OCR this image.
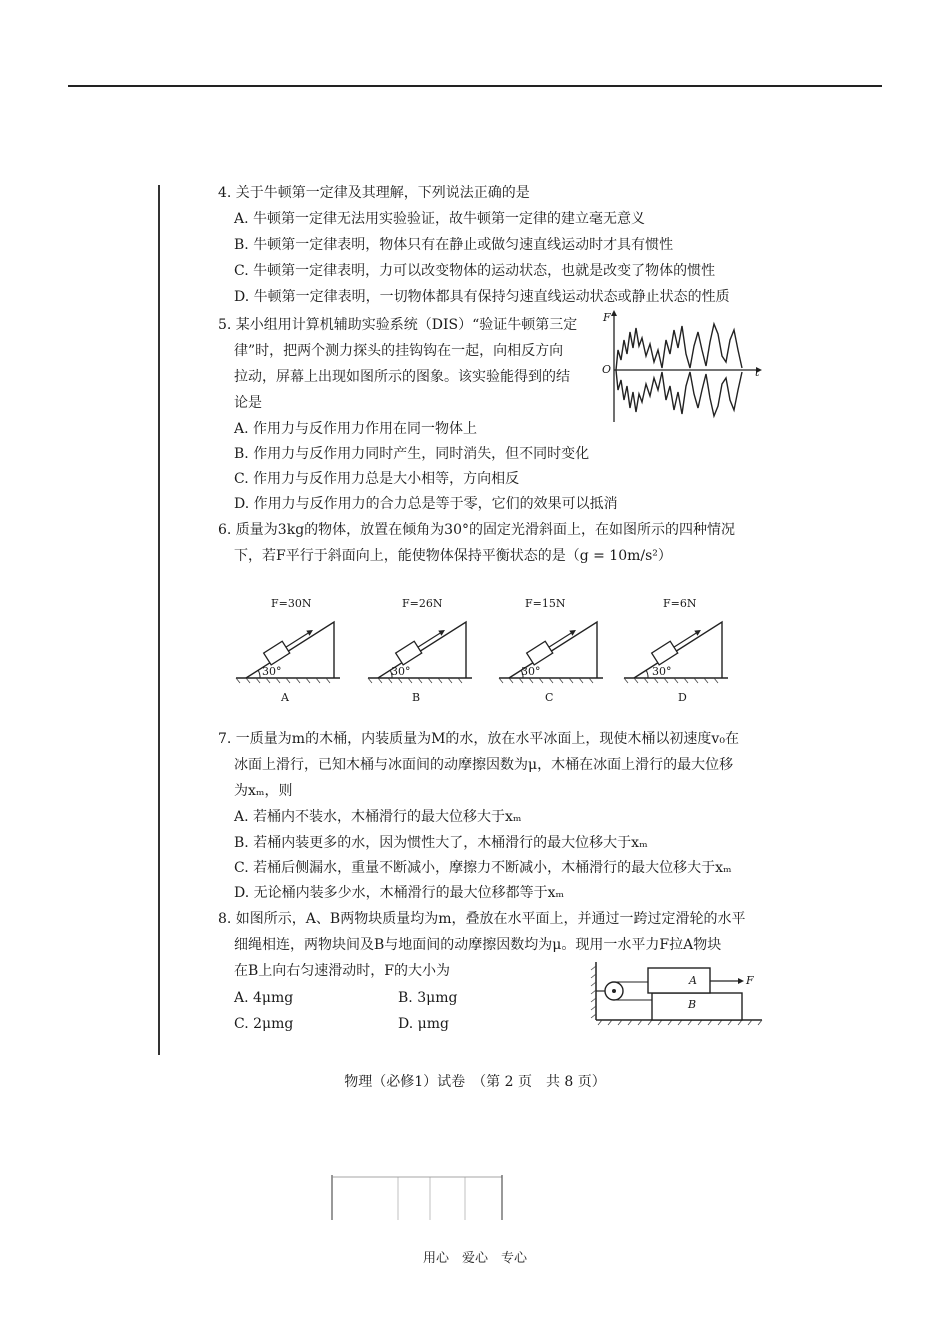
4. 关于牛顿第一定律及其理解，下列说法正确的是
A. 牛顿第一定律无法用实验验证，故牛顿第一定律的建立毫无意义
B. 牛顿第一定律表明，物体只有在静止或做匀速直线运动时才具有惯性
C. 牛顿第一定律表明，力可以改变物体的运动状态，也就是改变了物体的惯性
D. 牛顿第一定律表明，一切物体都具有保持匀速直线运动状态或静止状态的性质
5. 某小组用计算机辅助实验系统（DIS）“验证牛顿第三定
律”时，把两个测力探头的挂钩钩在一起，向相反方向
拉动，屏幕上出现如图所示的图象。该实验能得到的结
论是
A. 作用力与反作用力作用在同一物体上
B. 作用力与反作用力同时产生，同时消失，但不同时变化
C. 作用力与反作用力总是大小相等，方向相反
D. 作用力与反作用力的合力总是等于零，它们的效果可以抵消
F
t
O
6. 质量为3kg的物体，放置在倾角为30°的固定光滑斜面上，在如图所示的四种情况
下，若F平行于斜面向上，能使物体保持平衡状态的是（g = 10m/s²）
F=30N
30°
A
F=26N
30°
B
F=15N
30°
C
F=6N
30°
D
7. 一质量为m的木桶，内装质量为M的水，放在水平冰面上，现使木桶以初速度v₀在
冰面上滑行，已知木桶与冰面间的动摩擦因数为μ，木桶在冰面上滑行的最大位移
为xₘ，则
A. 若桶内不装水，木桶滑行的最大位移大于xₘ
B. 若桶内装更多的水，因为惯性大了，木桶滑行的最大位移大于xₘ
C. 若桶后侧漏水，重量不断减小，摩擦力不断减小，木桶滑行的最大位移大于xₘ
D. 无论桶内装多少水，木桶滑行的最大位移都等于xₘ
8. 如图所示，A、B两物块质量均为m，叠放在水平面上，并通过一跨过定滑轮的水平
细绳相连，两物块间及B与地面间的动摩擦因数均为μ。现用一水平力F拉A物块
在B上向右匀速滑动时，F的大小为
A. 4μmg	B. 3μmg
C. 2μmg	D. μmg
A
B
F
物理（必修1）试卷　（第 2 页　共 8 页）
用心　爱心　专心
